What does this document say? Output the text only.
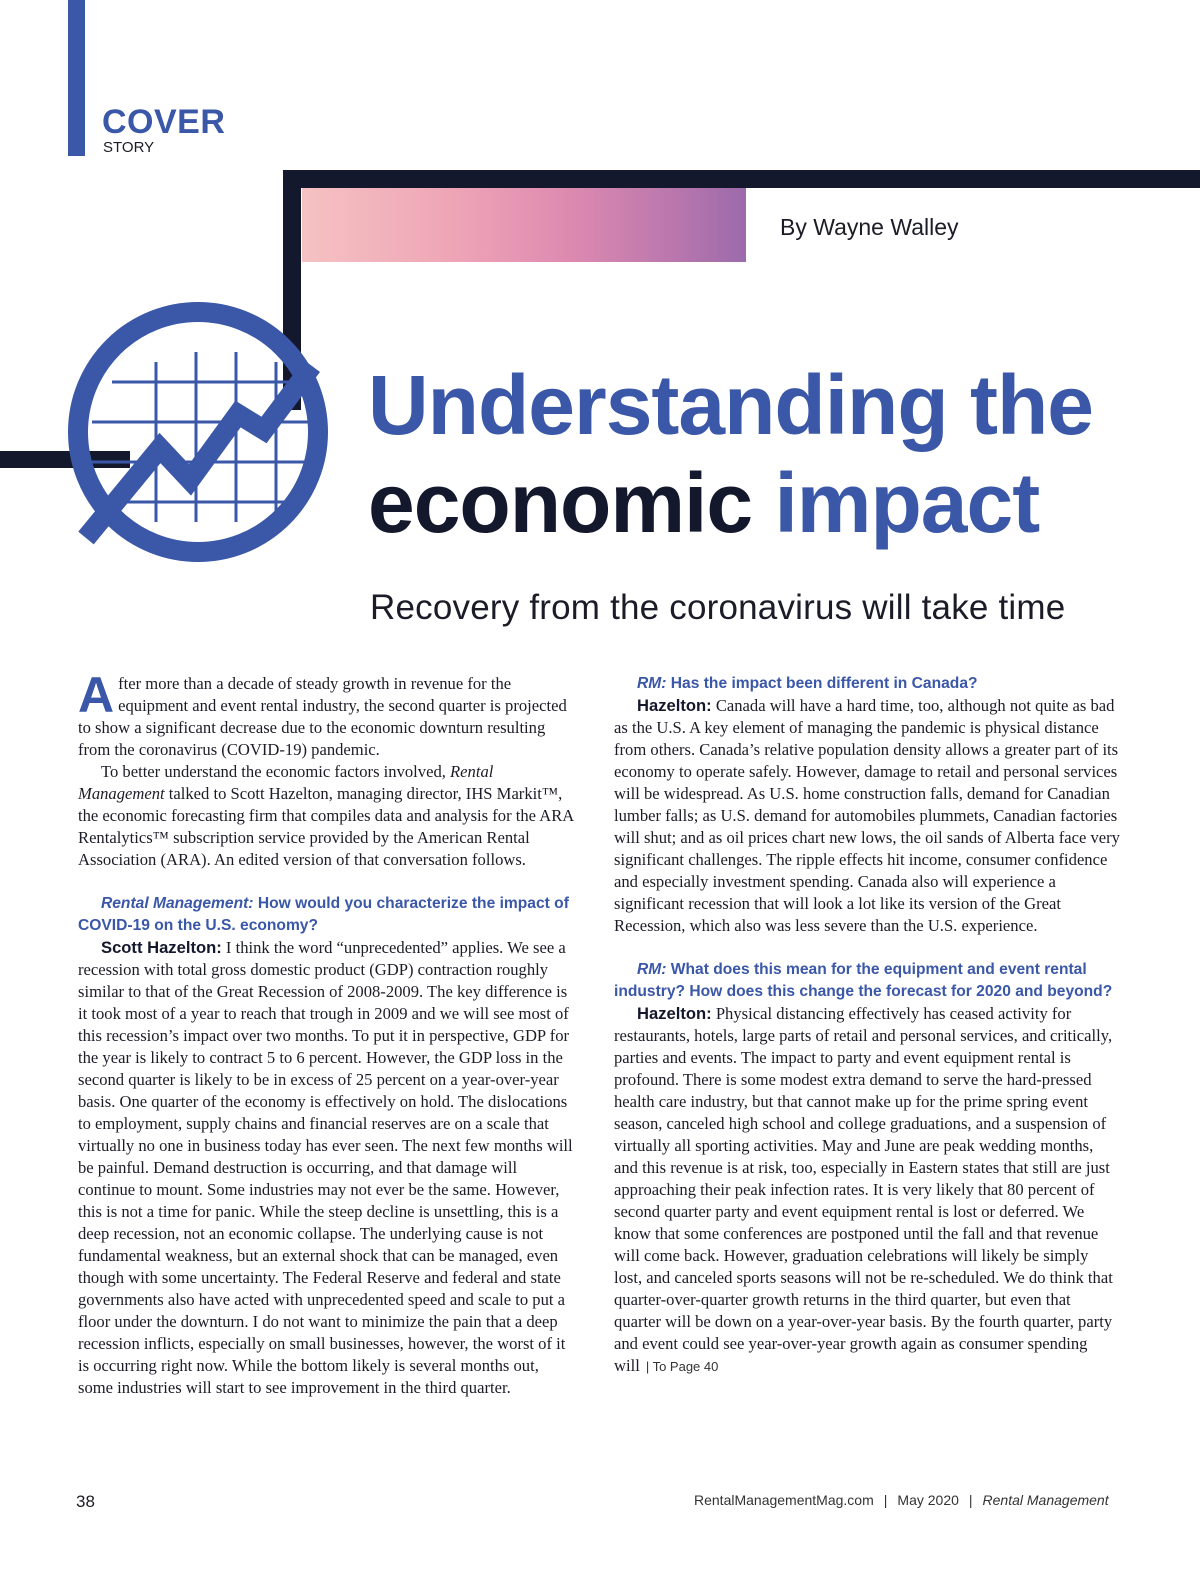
COVER
STORY
By Wayne Walley
Understanding the
economic impact
Recovery from the coronavirus will take time

After more than a decade of steady growth in revenue for the equipment and event rental industry, the second quarter is projected to show a significant decrease due to the economic downturn resulting from the coronavirus (COVID-19) pandemic.

To better understand the economic factors involved, Rental Management talked to Scott Hazelton, managing director, IHS Markit™, the economic forecasting firm that compiles data and analysis for the ARA Rentalytics™ subscription service provided by the American Rental Association (ARA). An edited version of that conversation follows.

Rental Management: How would you characterize the impact of COVID-19 on the U.S. economy?

Scott Hazelton: I think the word “unprecedented” applies. We see a recession with total gross domestic product (GDP) contraction roughly similar to that of the Great Recession of 2008-2009. The key difference is it took most of a year to reach that trough in 2009 and we will see most of this recession’s impact over two months. To put it in perspective, GDP for the year is likely to contract 5 to 6 percent. However, the GDP loss in the second quarter is likely to be in excess of 25 percent on a year-over-year basis. One quarter of the economy is effectively on hold. The dislocations to employment, supply chains and financial reserves are on a scale that virtually no one in business today has ever seen. The next few months will be painful. Demand destruction is occurring, and that damage will continue to mount. Some industries may not ever be the same. However, this is not a time for panic. While the steep decline is unsettling, this is a deep recession, not an economic collapse. The underlying cause is not fundamental weakness, but an external shock that can be managed, even though with some uncertainty. The Federal Reserve and federal and state governments also have acted with unprecedented speed and scale to put a floor under the downturn. I do not want to minimize the pain that a deep recession inflicts, especially on small businesses, however, the worst of it is occurring right now. While the bottom likely is several months out, some industries will start to see improvement in the third quarter.

RM: Has the impact been different in Canada?

Hazelton: Canada will have a hard time, too, although not quite as bad as the U.S. A key element of managing the pandemic is physical distance from others. Canada’s relative population density allows a greater part of its economy to operate safely. However, damage to retail and personal services will be widespread. As U.S. home construction falls, demand for Canadian lumber falls; as U.S. demand for automobiles plummets, Canadian factories will shut; and as oil prices chart new lows, the oil sands of Alberta face very significant challenges. The ripple effects hit income, consumer confidence and especially investment spending. Canada also will experience a significant recession that will look a lot like its version of the Great Recession, which also was less severe than the U.S. experience.

RM: What does this mean for the equipment and event rental industry? How does this change the forecast for 2020 and beyond?

Hazelton: Physical distancing effectively has ceased activity for restaurants, hotels, large parts of retail and personal services, and critically, parties and events. The impact to party and event equipment rental is profound. There is some modest extra demand to serve the hard-pressed health care industry, but that cannot make up for the prime spring event season, canceled high school and college graduations, and a suspension of virtually all sporting activities. May and June are peak wedding months, and this revenue is at risk, too, especially in Eastern states that still are just approaching their peak infection rates. It is very likely that 80 percent of second quarter party and event equipment rental is lost or deferred. We know that some conferences are postponed until the fall and that revenue will come back. However, graduation celebrations will likely be simply lost, and canceled sports seasons will not be re-scheduled. We do think that quarter-over-quarter growth returns in the third quarter, but even that quarter will be down on a year-over-year basis. By the fourth quarter, party and event could see year-over-year growth again as consumer spending will | To Page 40

38	RentalManagementMag.com | May 2020 | Rental Management
